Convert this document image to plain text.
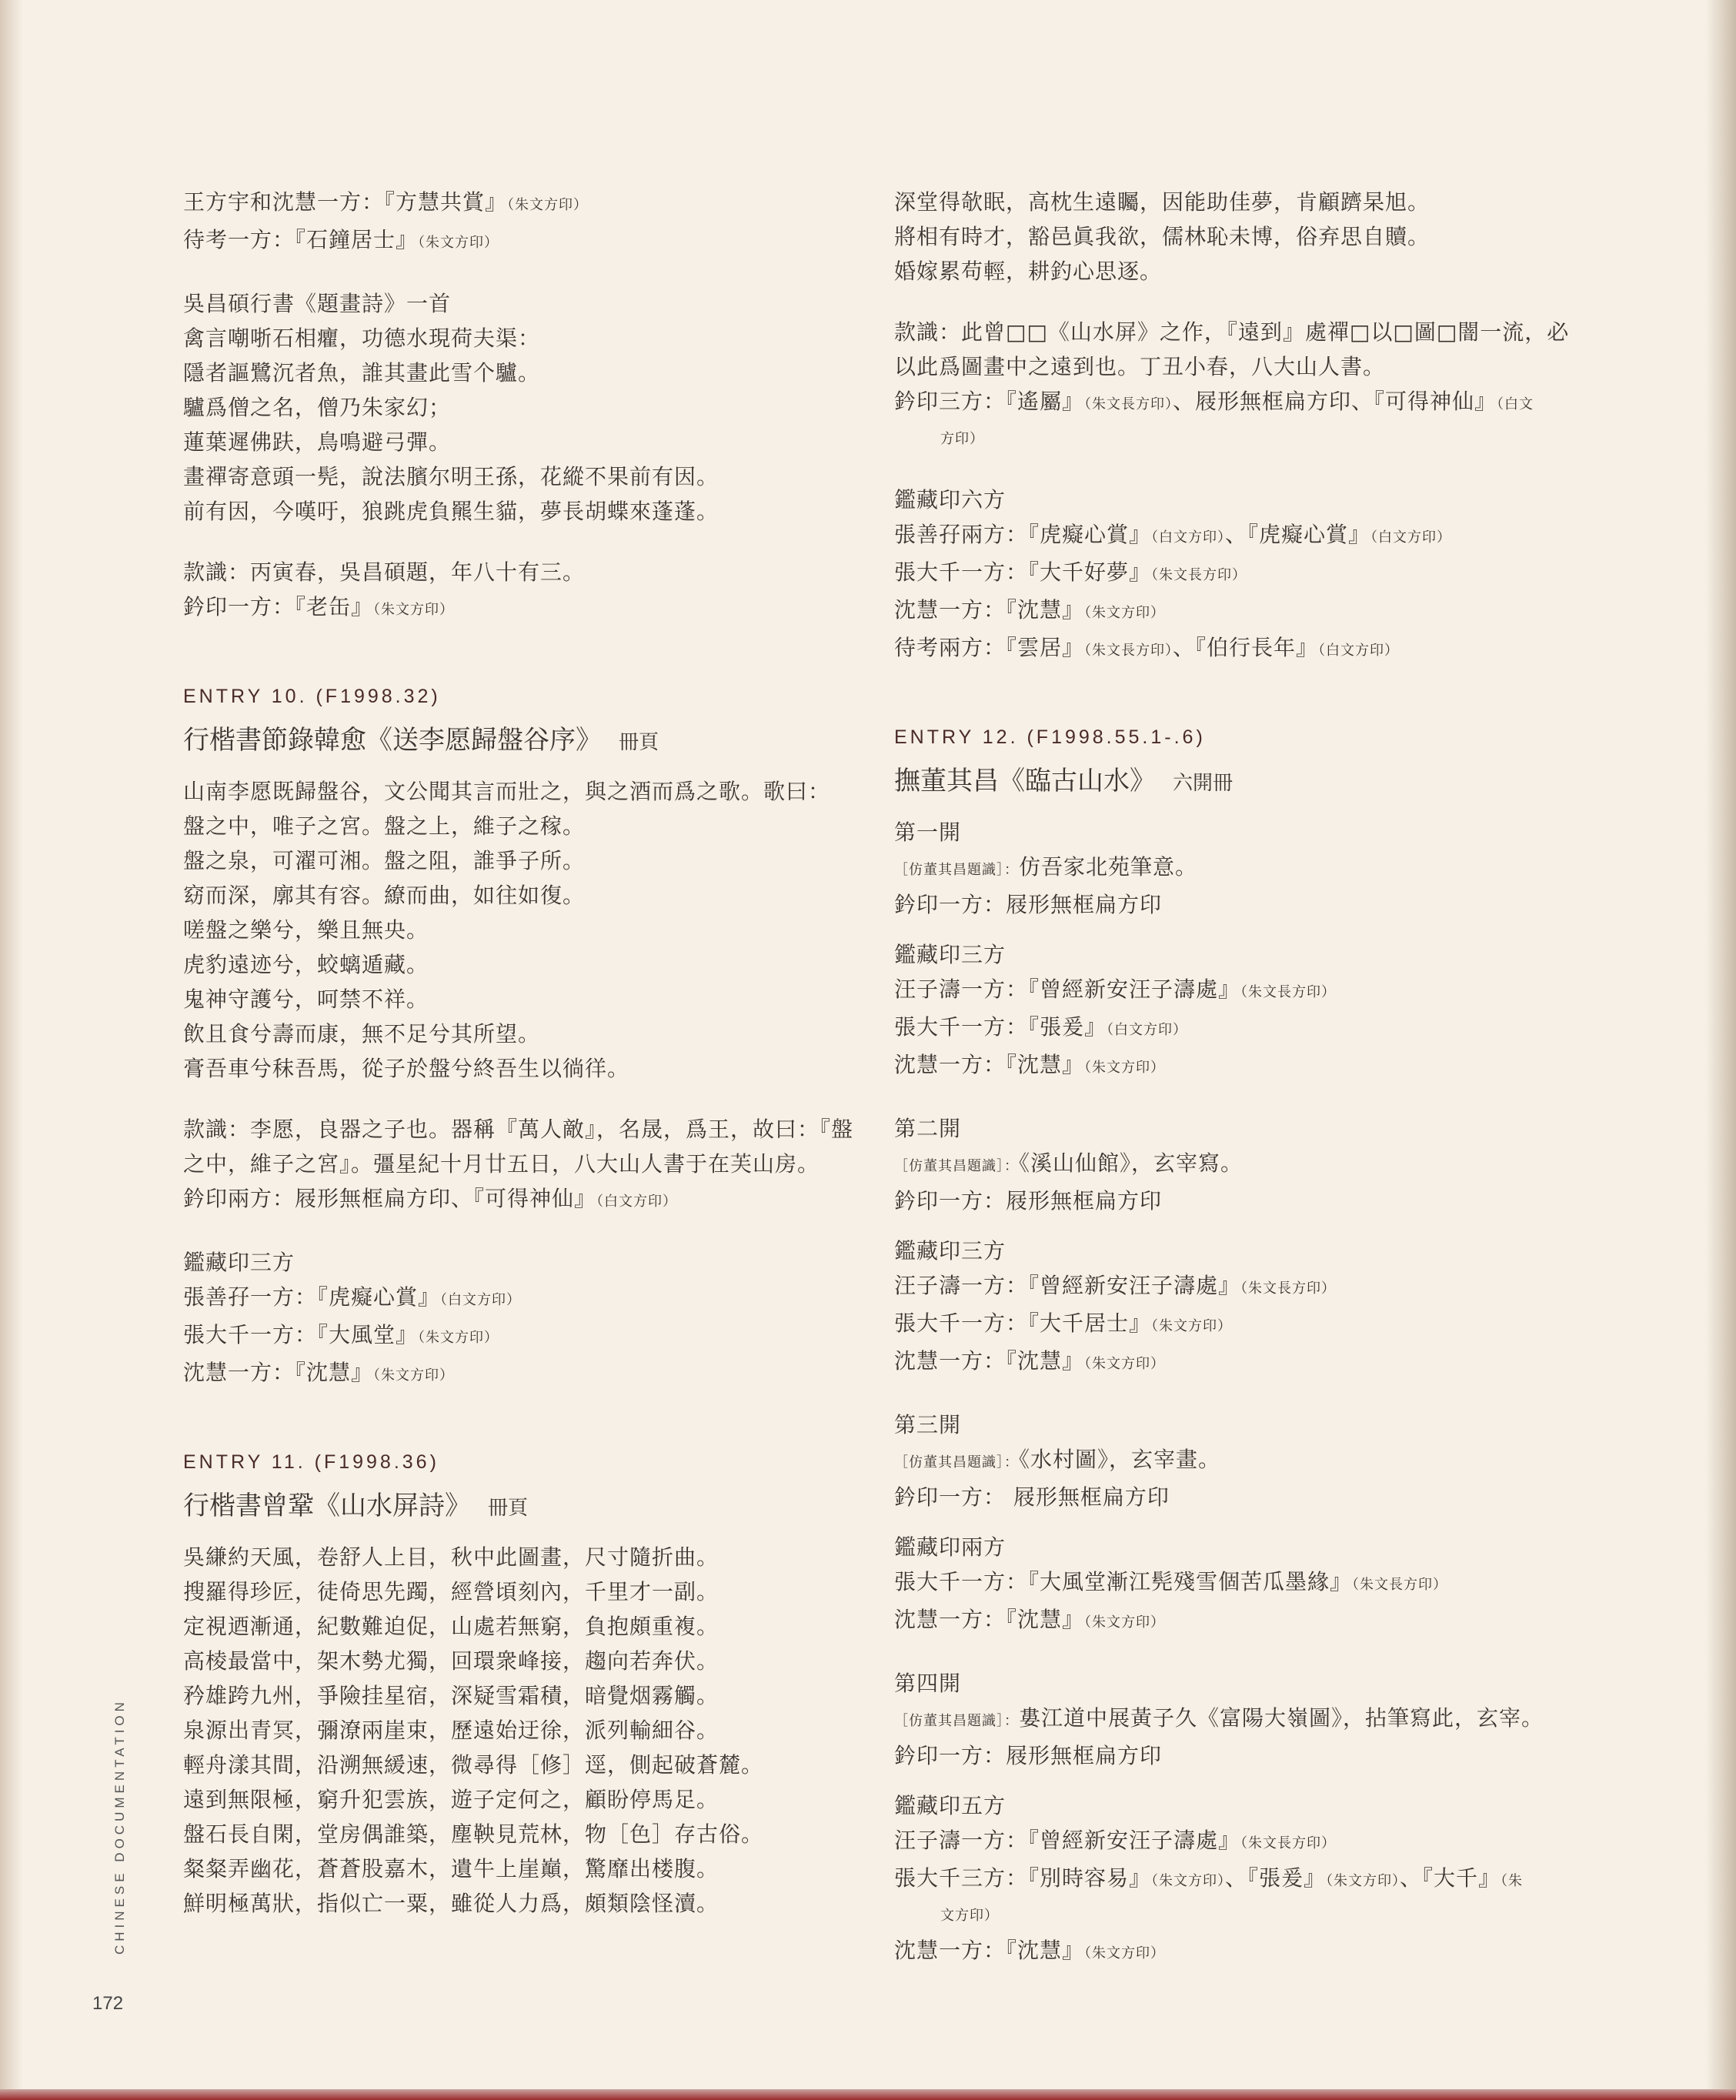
王方宇和沈慧一方：『方慧共賞』（朱文方印）
待考一方：『石鐘居士』（朱文方印）
吳昌碩行書《題畫詩》一首
禽言嘲哳石相癯，功德水現荷夫渠：
隱者謳鷺沉者魚，誰其畫此雪个驢。
驢爲僧之名，僧乃朱家幻；
蓮葉遲佛趺，鳥鳴避弓彈。
畫禪寄意頭一髡，說法臏尔明王孫，花縱不果前有因。
前有因，今嘆吁，狼跳虎負羆生貓，夢長胡蝶來蓬蓬。
款識：丙寅春，吳昌碩題，年八十有三。
鈐印一方：『老缶』（朱文方印）
ENTRY 10. (F1998.32)
行楷書節錄韓愈《送李愿歸盤谷序》 冊頁
山南李愿既歸盤谷，文公聞其言而壯之，與之酒而爲之歌。歌曰：
盤之中，唯子之宮。盤之上，維子之稼。
盤之泉，可濯可湘。盤之阻，誰爭子所。
窈而深，廓其有容。繚而曲，如往如復。
嗟盤之樂兮，樂且無央。
虎豹遠迹兮，蛟螭遁藏。
鬼神守護兮，呵禁不祥。
飲且食兮壽而康，無不足兮其所望。
膏吾車兮秣吾馬，從子於盤兮終吾生以徜徉。
款識：李愿，良器之子也。器稱『萬人敵』，名晟，爲王，故曰：『盤
之中，維子之宮』。彊星紀十月廿五日，八大山人書于在芙山房。
鈐印兩方：屐形無框扁方印、『可得神仙』（白文方印）
鑑藏印三方
張善孖一方：『虎癡心賞』（白文方印）
張大千一方：『大風堂』（朱文方印）
沈慧一方：『沈慧』（朱文方印）
ENTRY 11. (F1998.36)
行楷書曾鞏《山水屏詩》 冊頁
吳縑約天風，卷舒人上目，秋中此圖畫，尺寸隨折曲。
搜羅得珍匠，徒倚思先躅，經營頃刻內，千里才一副。
定視迺漸通，紀數難迫促，山處若無窮，負抱頗重複。
高棱最當中，架木勢尤獨，回環衆峰接，趨向若奔伏。
矜雄跨九州，爭險挂星宿，深疑雪霜積，暗覺烟霧觸。
泉源出青冥，彌潦兩崖束，歷遠始迂徐，派列輸細谷。
輕舟漾其間，沿溯無緩速，微尋得［修］逕，側起破蒼麓。
遠到無限極，窮升犯雲族，遊子定何之，顧盼停馬足。
盤石長自閑，堂房偶誰築，塵鞅見荒林，物［色］存古俗。
粲粲弄幽花，蒼蒼股嘉木，遺牛上崖巔，驚靡出楼腹。
鮮明極萬狀，指似亡一粟，雖從人力爲，頗類陰怪瀆。
深堂得欹眠，高枕生遠矚，因能助佳夢，肯顧躋杲旭。
將相有時才，豁邑眞我欲，儒林恥未博，俗弃思自贖。
婚嫁累苟輕，耕釣心思逐。
款識：此曾□□《山水屏》之作，『遠到』處禪□以□圖□闇一流，必
以此爲圖畫中之遠到也。丁丑小春，八大山人書。
鈐印三方：『遙屬』（朱文長方印）、屐形無框扁方印、『可得神仙』（白文
方印）
鑑藏印六方
張善孖兩方：『虎癡心賞』（白文方印）、『虎癡心賞』（白文方印）
張大千一方：『大千好夢』（朱文長方印）
沈慧一方：『沈慧』（朱文方印）
待考兩方：『雲居』（朱文長方印）、『伯行長年』（白文方印）
ENTRY 12. (F1998.55.1-.6)
撫董其昌《臨古山水》 六開冊
第一開
［仿董其昌題識］：仿吾家北苑筆意。
鈐印一方：屐形無框扁方印
鑑藏印三方
汪子濤一方：『曾經新安汪子濤處』（朱文長方印）
張大千一方：『張爰』（白文方印）
沈慧一方：『沈慧』（朱文方印）
第二開
［仿董其昌題識］：《溪山仙館》，玄宰寫。
鈐印一方：屐形無框扁方印
鑑藏印三方
汪子濤一方：『曾經新安汪子濤處』（朱文長方印）
張大千一方：『大千居士』（朱文方印）
沈慧一方：『沈慧』（朱文方印）
第三開
［仿董其昌題識］：《水村圖》，玄宰畫。
鈐印一方： 屐形無框扁方印
鑑藏印兩方
張大千一方：『大風堂漸江髡殘雪個苦瓜墨緣』（朱文長方印）
沈慧一方：『沈慧』（朱文方印）
第四開
［仿董其昌題識］：婁江道中展黃子久《富陽大嶺圖》，拈筆寫此，玄宰。
鈐印一方：屐形無框扁方印
鑑藏印五方
汪子濤一方：『曾經新安汪子濤處』（朱文長方印）
張大千三方：『別時容易』（朱文方印）、『張爰』（朱文方印）、『大千』（朱
文方印）
沈慧一方：『沈慧』（朱文方印）
CHINESE DOCUMENTATION
172
